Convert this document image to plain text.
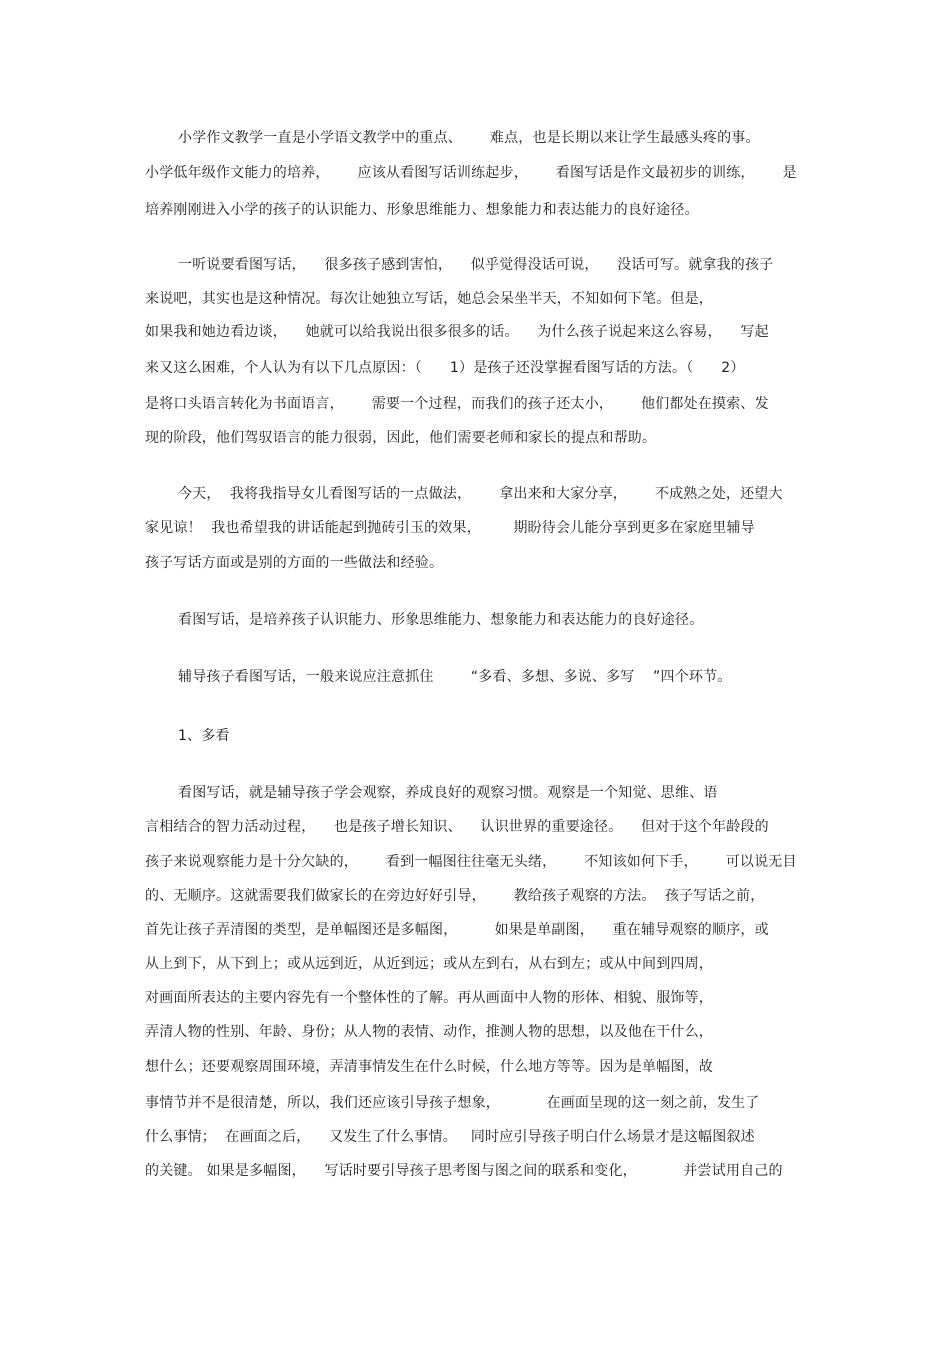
小学作文教学一直是小学语文教学中的重点、      难点，也是长期以来让学生最感头疼的事。
小学低年级作文能力的培养，      应该从看图写话训练起步，      看图写话是作文最初步的训练，      是
培养刚刚进入小学的孩子的认识能力、形象思维能力、想象能力和表达能力的良好途径。
一听说要看图写话，    很多孩子感到害怕，    似乎觉得没话可说，    没话可写。就拿我的孩子
来说吧，其实也是这种情况。每次让她独立写话，她总会呆坐半天，不知如何下笔。但是，
如果我和她边看边谈，    她就可以给我说出很多很多的话。    为什么孩子说起来这么容易，    写起
来又这么困难，个人认为有以下几点原因：（      1）是孩子还没掌握看图写话的方法。（      2）
是将口头语言转化为书面语言，      需要一个过程，而我们的孩子还太小，      他们都处在摸索、发
现的阶段，他们驾驭语言的能力很弱，因此，他们需要老师和家长的提点和帮助。
今天，  我将我指导女儿看图写话的一点做法，      拿出来和大家分享，      不成熟之处，还望大
家见谅！  我也希望我的讲话能起到抛砖引玉的效果，       期盼待会儿能分享到更多在家庭里辅导
孩子写话方面或是别的方面的一些做法和经验。
看图写话，是培养孩子认识能力、形象思维能力、想象能力和表达能力的良好途径。
辅导孩子看图写话，一般来说应注意抓住        “多看、多想、多说、多写    ”四个环节。
1、多看
看图写话，就是辅导孩子学会观察，养成良好的观察习惯。观察是一个知觉、思维、语
言相结合的智力活动过程，    也是孩子增长知识、    认识世界的重要途径。    但对于这个年龄段的
孩子来说观察能力是十分欠缺的，      看到一幅图往往毫无头绪，      不知该如何下手，      可以说无目
的、无顺序。这就需要我们做家长的在旁边好好引导，      教给孩子观察的方法。  孩子写话之前，
首先让孩子弄清图的类型，是单幅图还是多幅图，        如果是单副图，    重在辅导观察的顺序，或
从上到下，从下到上；或从远到近，从近到远；或从左到右，从右到左；或从中间到四周，
对画面所表达的主要内容先有一个整体性的了解。再从画面中人物的形体、相貌、服饰等，
弄清人物的性别、年龄、身份；从人物的表情、动作，推测人物的思想，以及他在干什么，
想什么；还要观察周围环境，弄清事情发生在什么时候，什么地方等等。因为是单幅图，故
事情节并不是很清楚，所以，我们还应该引导孩子想象，          在画面呈现的这一刻之前，发生了
什么事情；  在画面之后，    又发生了什么事情。   同时应引导孩子明白什么场景才是这幅图叙述
的关键。 如果是多幅图，    写话时要引导孩子思考图与图之间的联系和变化，          并尝试用自己的
